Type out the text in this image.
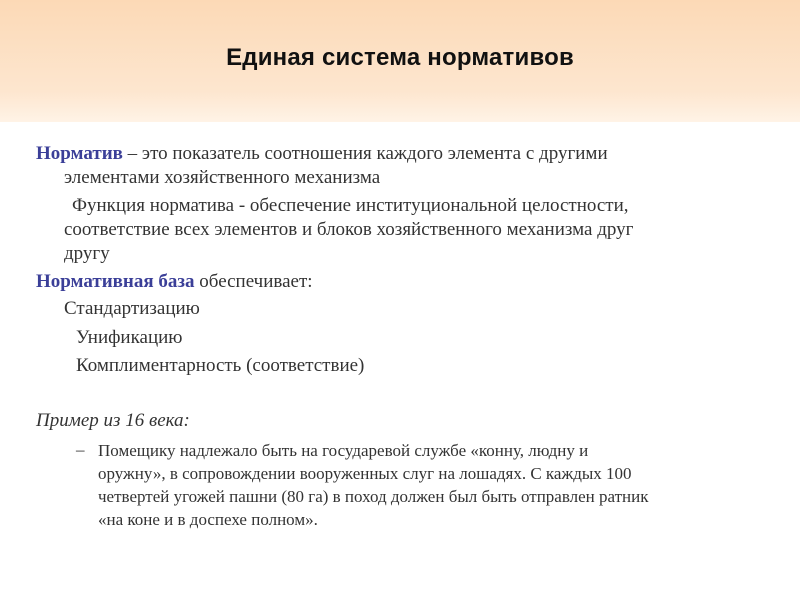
Единая система нормативов
Норматив – это показатель соотношения каждого элемента с другими
элементами хозяйственного механизма
Функция норматива - обеспечение институциональной целостности,
соответствие всех элементов и блоков хозяйственного механизма друг
другу
Нормативная база обеспечивает:
Стандартизацию
Унификацию
Комплиментарность (соответствие)
Пример из 16 века:
– Помещику надлежало быть на государевой службе «конну, людну и
оружну», в сопровождении вооруженных слуг на лошадях. С каждых 100
четвертей угожей пашни (80 га) в поход должен был быть отправлен ратник
«на коне и в доспехе полном».
